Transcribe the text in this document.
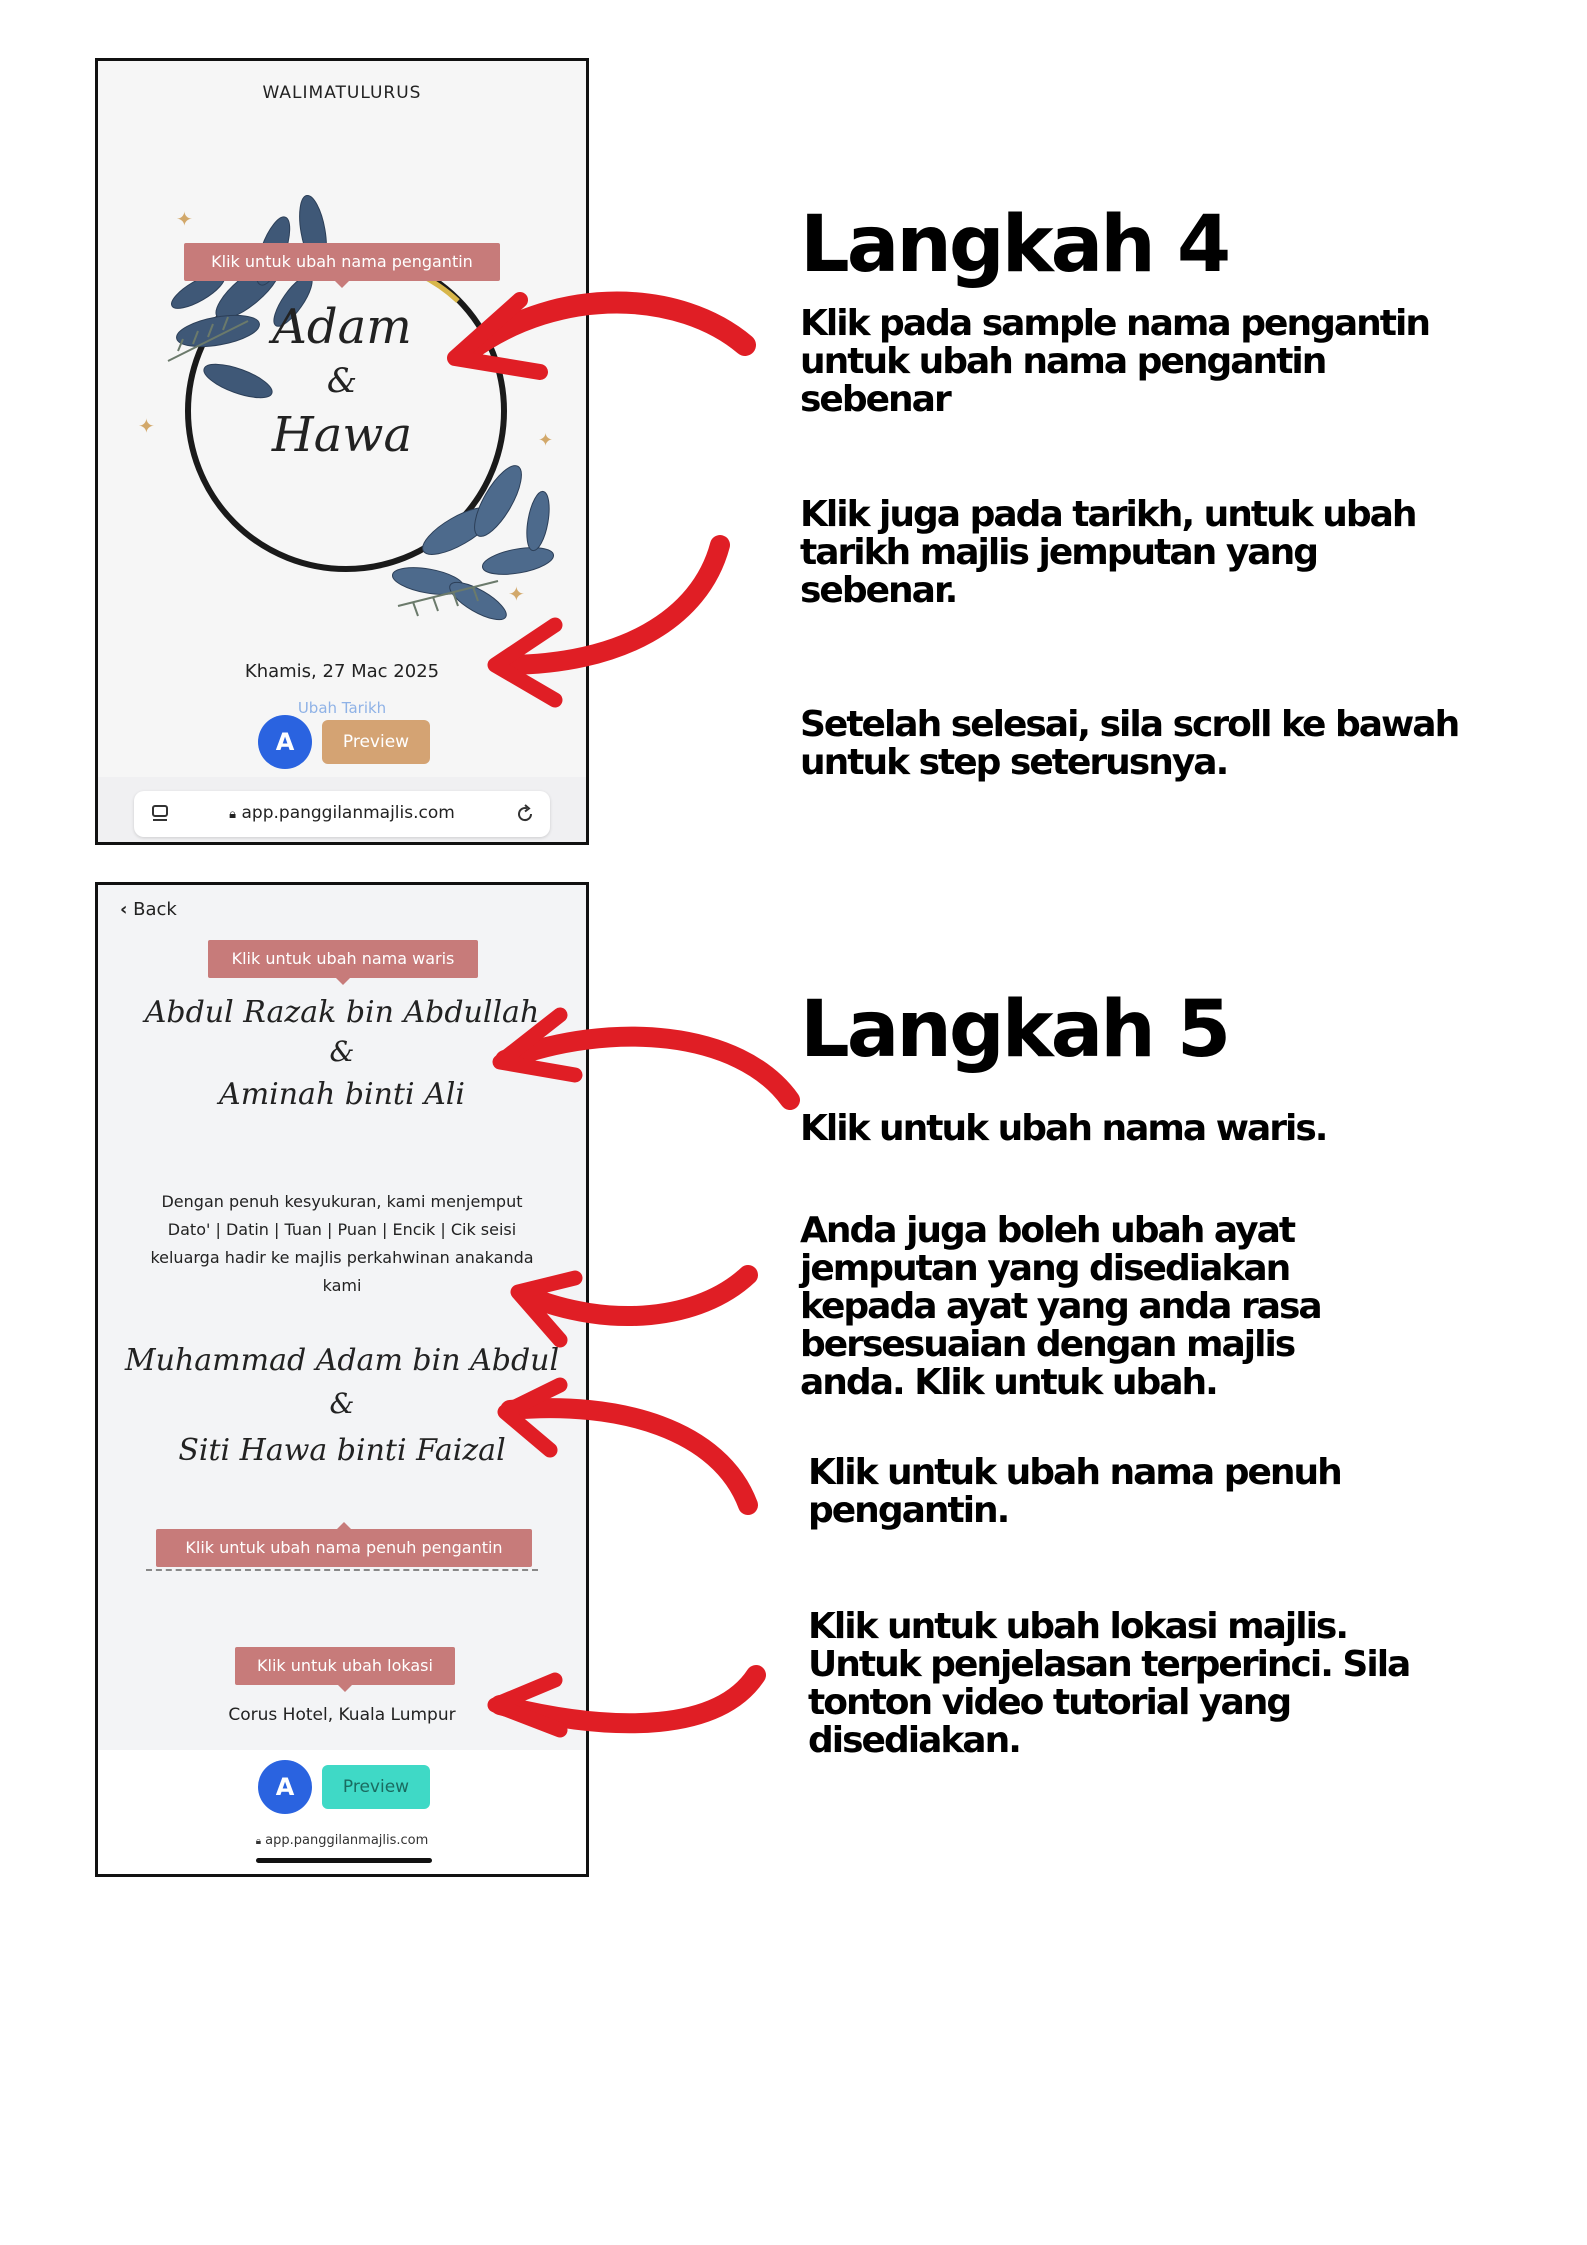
WALIMATULURUS
✦
✦
✦
✦
Klik untuk ubah nama pengantin
Adam
&
Hawa
Khamis, 27 Mac 2025
Ubah Tarikh
A	Preview
🔒︎ app.panggilanmajlis.com
‹ Back
Klik untuk ubah nama waris
Abdul Razak bin Abdullah
&
Aminah binti Ali
Dengan penuh kesyukuran, kami menjemput Dato' | Datin | Tuan | Puan | Encik | Cik seisi keluarga hadir ke majlis perkahwinan anakanda kami
Muhammad Adam bin Abdul
&
Siti Hawa binti Faizal
Klik untuk ubah nama penuh pengantin
Klik untuk ubah lokasi
Corus Hotel, Kuala Lumpur
A	Preview
🔒︎ app.panggilanmajlis.com
Langkah 4
Klik pada sample nama pengantin untuk ubah nama pengantin sebenar
Klik juga pada tarikh, untuk ubah tarikh majlis jemputan yang sebenar.
Setelah selesai, sila scroll ke bawah untuk step seterusnya.
Langkah 5
Klik untuk ubah nama waris.
Anda juga boleh ubah ayat jemputan yang disediakan kepada ayat yang anda rasa bersesuaian dengan majlis anda. Klik untuk ubah.
Klik untuk ubah nama penuh pengantin.
Klik untuk ubah lokasi majlis. Untuk penjelasan terperinci. Sila tonton video tutorial yang disediakan.
